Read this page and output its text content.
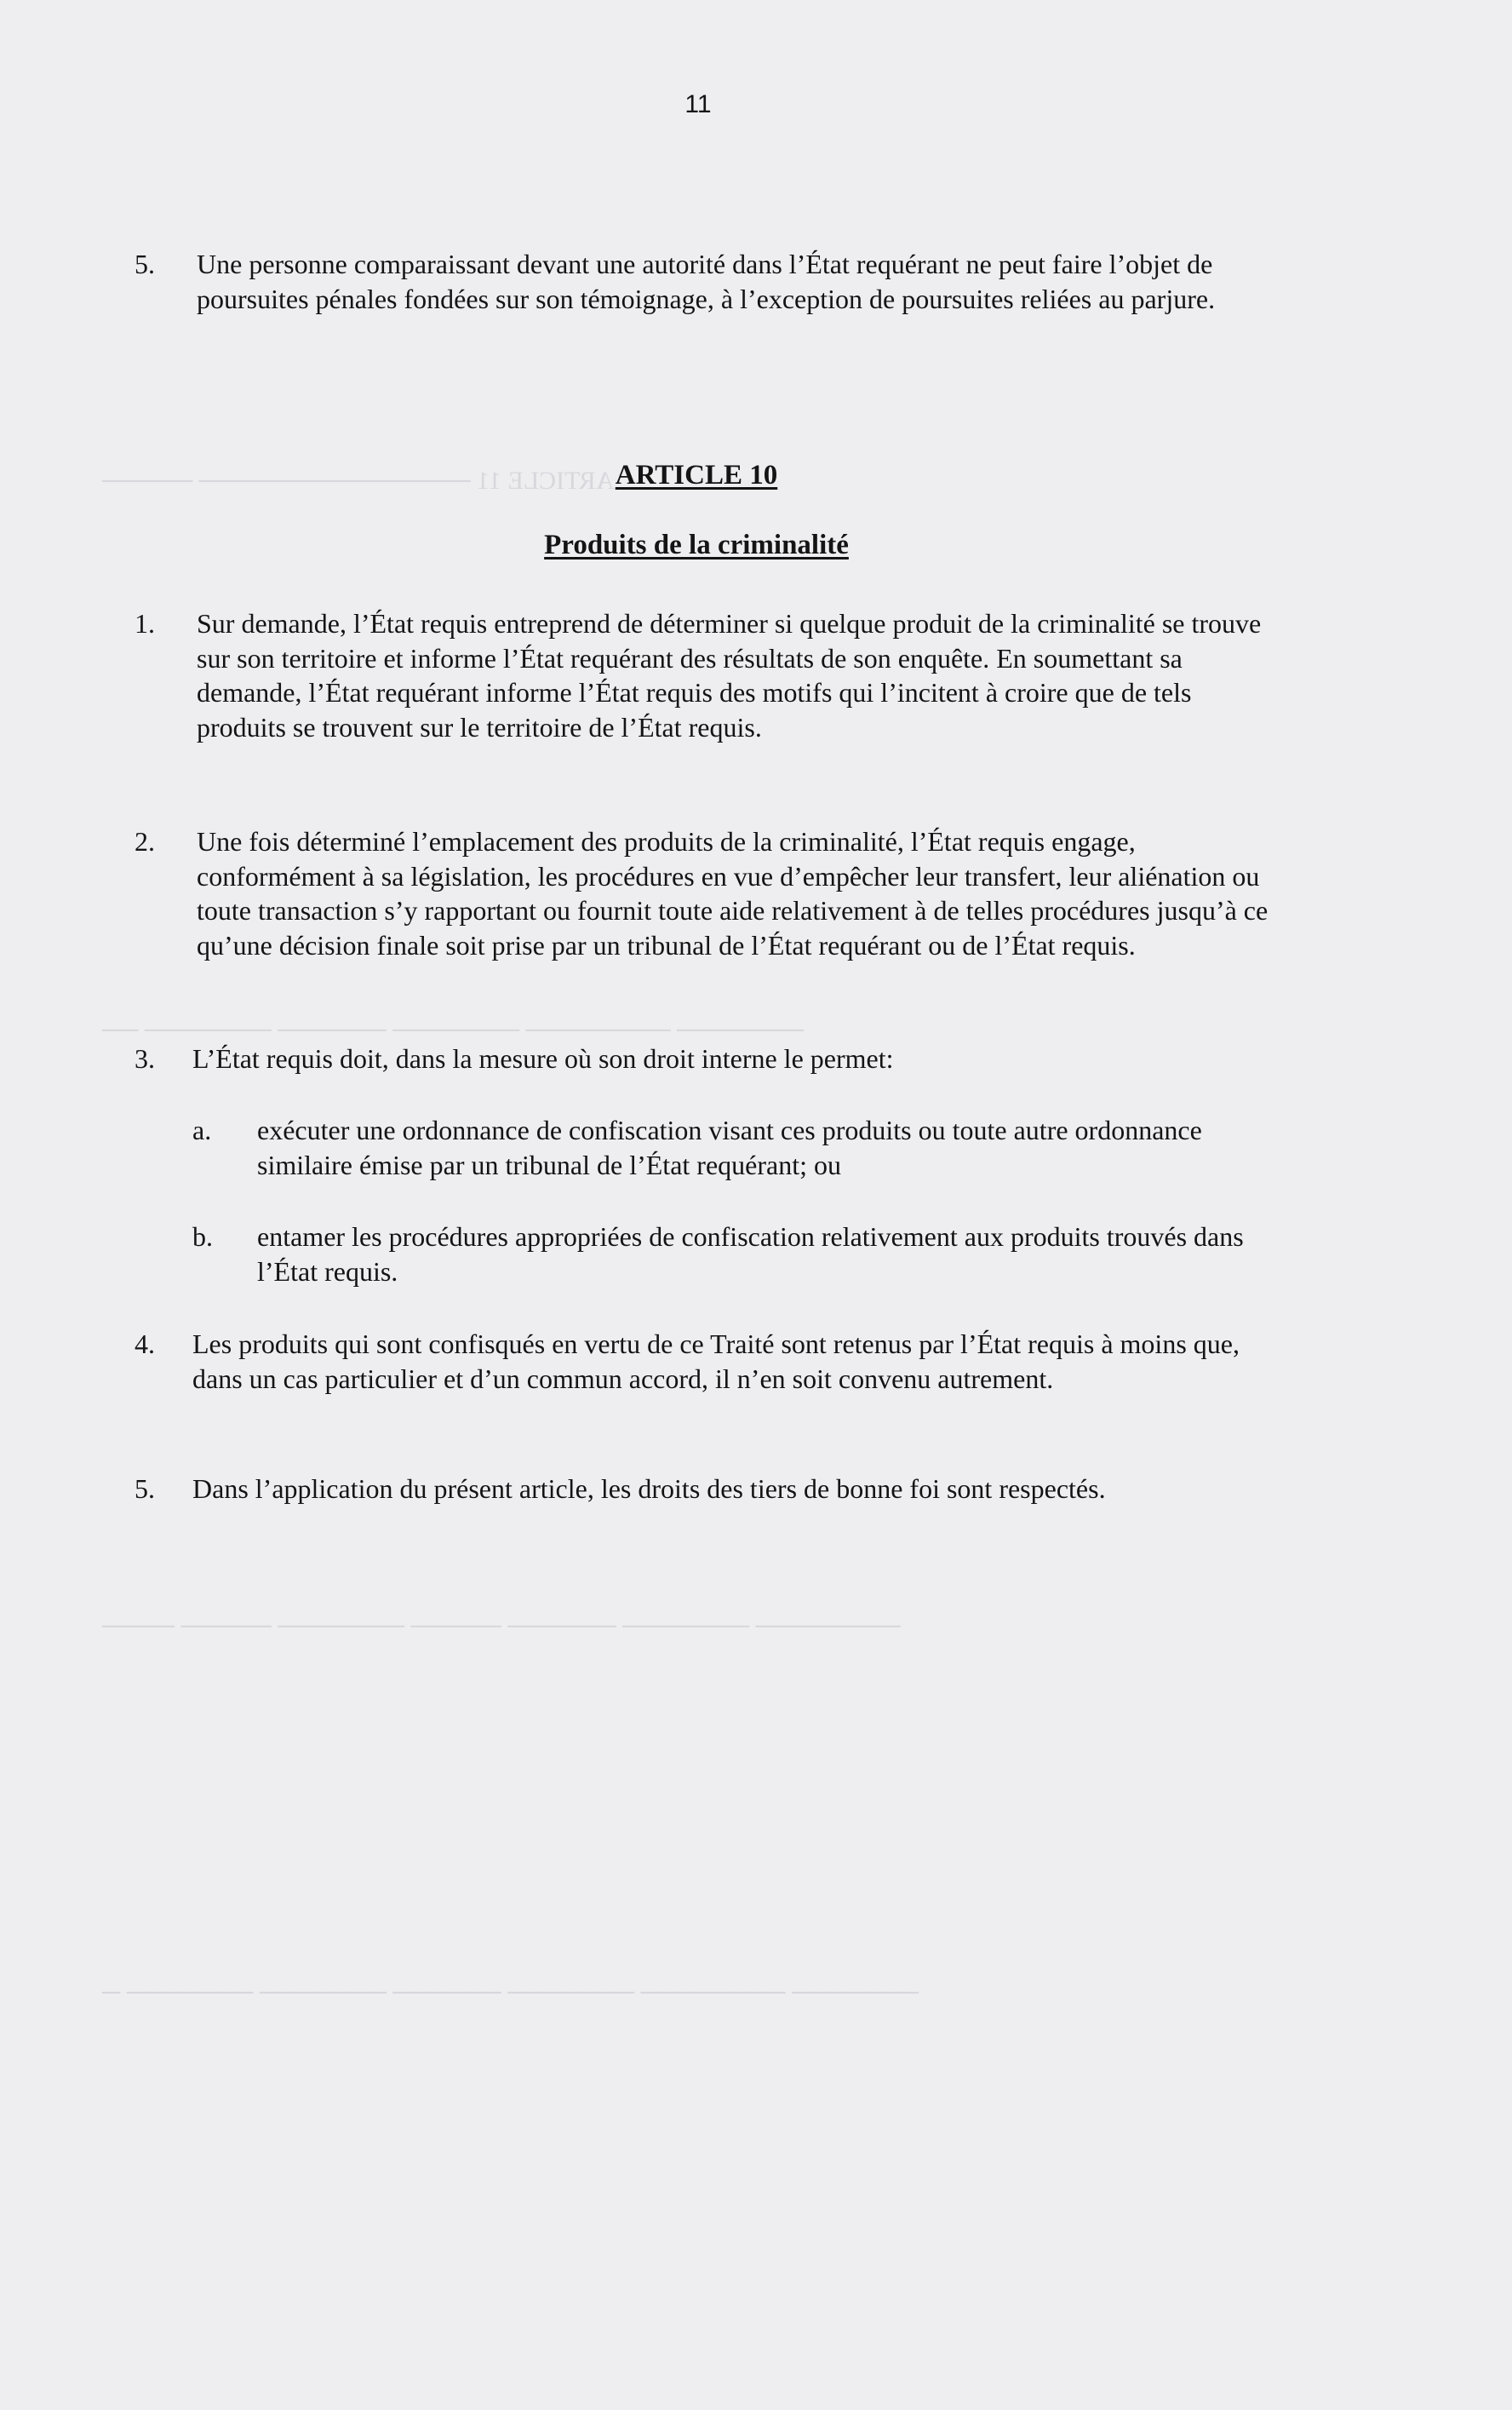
11
ARTICLE 11 ─────────────── ─────
─────── ──────── ─────── ────── ─────── ──
──────── ─────── ────── ───── ─────── ───── ────
─────── ──────── ─────── ────── ─────── ─────── ─
5. Une personne comparaissant devant une autorité dans l’État requérant ne peut faire l’objet de poursuites pénales fondées sur son témoignage, à l’exception de poursuites reliées au parjure.
ARTICLE 10
Produits de la criminalité
1. Sur demande, l’État requis entreprend de déterminer si quelque produit de la criminalité se trouve sur son territoire et informe l’État requérant des résultats de son enquête. En soumettant sa demande, l’État requérant informe l’État requis des motifs qui l’incitent à croire que de tels produits se trouvent sur le territoire de l’État requis.
2. Une fois déterminé l’emplacement des produits de la criminalité, l’État requis engage, conformément à sa législation, les procédures en vue d’empêcher leur transfert, leur aliénation ou toute transaction s’y rapportant ou fournit toute aide relativement à de telles procédures jusqu’à ce qu’une décision finale soit prise par un tribunal de l’État requérant ou de l’État requis.
3. L’État requis doit, dans la mesure où son droit interne le permet:
a. exécuter une ordonnance de confiscation visant ces produits ou toute autre ordonnance similaire émise par un tribunal de l’État requérant; ou
b. entamer les procédures appropriées de confiscation relativement aux produits trouvés dans l’État requis.
4. Les produits qui sont confisqués en vertu de ce Traité sont retenus par l’État requis à moins que, dans un cas particulier et d’un commun accord, il n’en soit convenu autrement.
5. Dans l’application du présent article, les droits des tiers de bonne foi sont respectés.
